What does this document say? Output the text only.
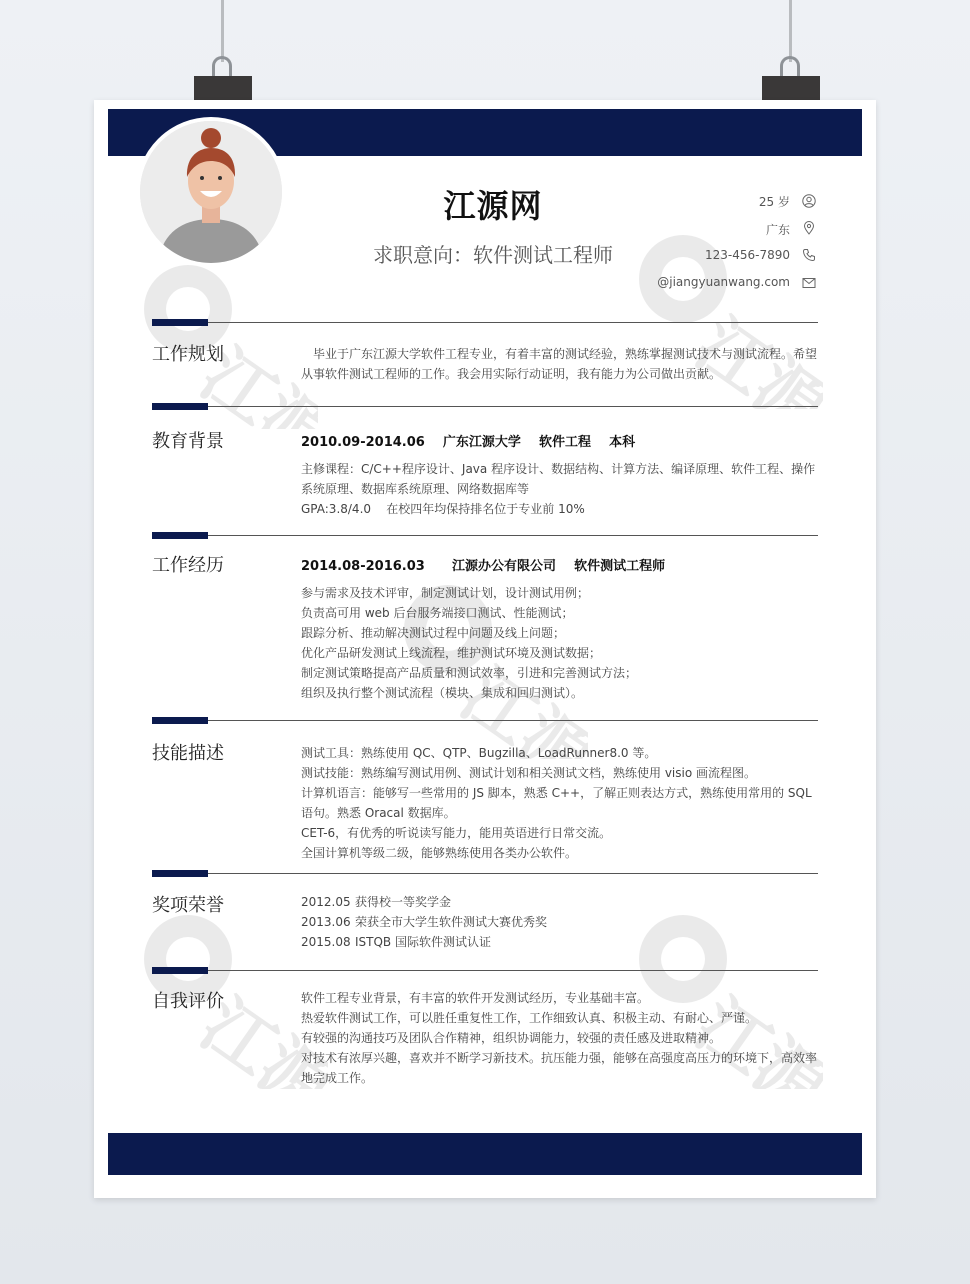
江源	江源
江源
江源	江源
江源网
求职意向：软件测试工程师
25 岁
广东
123-456-7890
@jiangyuanwang.com
工作规划	毕业于广东江源大学软件工程专业，有着丰富的测试经验，熟练掌握测试技术与测试流程。希望从事软件测试工程师的工作。我会用实际行动证明，我有能力为公司做出贡献。
教育背景	2010.09-2014.06    广东江源大学    软件工程    本科
主修课程：C/C++程序设计、Java 程序设计、数据结构、计算方法、编译原理、软件工程、操作系统原理、数据库系统原理、网络数据库等
GPA:3.8/4.0    在校四年均保持排名位于专业前 10%
工作经历	2014.08-2016.03      江源办公有限公司    软件测试工程师
参与需求及技术评审，制定测试计划，设计测试用例；
负责高可用 web 后台服务端接口测试、性能测试；
跟踪分析、推动解决测试过程中问题及线上问题；
优化产品研发测试上线流程，维护测试环境及测试数据；
制定测试策略提高产品质量和测试效率，引进和完善测试方法；
组织及执行整个测试流程（模块、集成和回归测试）。
技能描述	测试工具：熟练使用 QC、QTP、Bugzilla、LoadRunner8.0 等。
测试技能：熟练编写测试用例、测试计划和相关测试文档，熟练使用 visio 画流程图。
计算机语言：能够写一些常用的 JS 脚本，熟悉 C++，了解正则表达方式，熟练使用常用的 SQL 语句。熟悉 Oracal 数据库。
CET-6，有优秀的听说读写能力，能用英语进行日常交流。
全国计算机等级二级，能够熟练使用各类办公软件。
奖项荣誉	2012.05 获得校一等奖学金
2013.06 荣获全市大学生软件测试大赛优秀奖
2015.08 ISTQB 国际软件测试认证
自我评价	软件工程专业背景，有丰富的软件开发测试经历，专业基础丰富。
热爱软件测试工作，可以胜任重复性工作，工作细致认真、积极主动、有耐心、严谨。
有较强的沟通技巧及团队合作精神，组织协调能力，较强的责任感及进取精神。
对技术有浓厚兴趣，喜欢并不断学习新技术。抗压能力强，能够在高强度高压力的环境下，高效率地完成工作。
